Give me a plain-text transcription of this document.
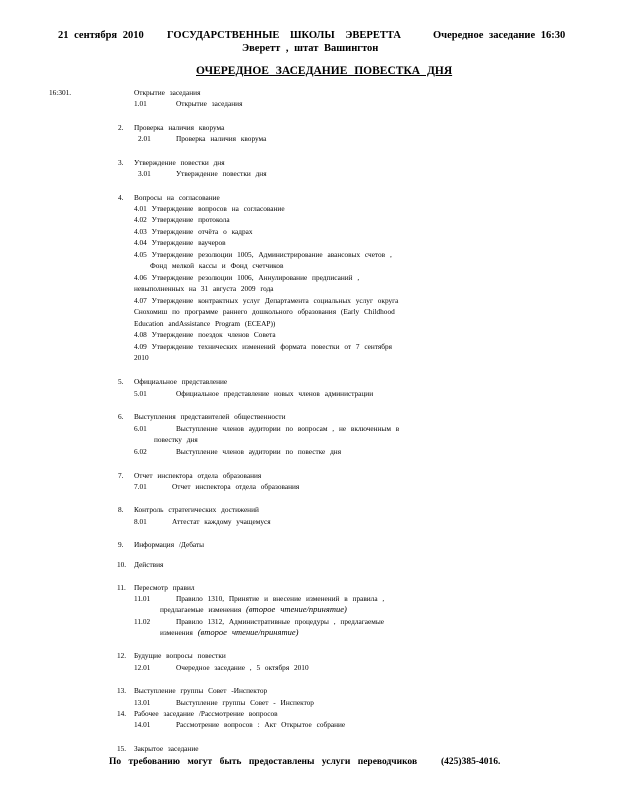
21 сентября 2010 ГОСУДАРСТВЕННЫЕ ШКОЛЫ ЭВЕРЕТТА	Очередное заседание 16:30
Эверетт , штат Вашингтон
ОЧЕРЕДНОЕ ЗАСЕДАНИЕ ПОВЕСТКА ДНЯ
16:301.	Открытие заседания
1.01	Открытие заседания
2. Проверка наличия кворума
2.01	Проверка наличия кворума
3. Утверждение повестки дня
3.01	Утверждение повестки дня
4. Вопросы на согласование
4.01 Утверждение вопросов на согласование
4.02 Утверждение протокола
4.03 Утверждение отчёта о кадрах
4.04 Утверждение ваучеров
4.05 Утверждение резолюции 1005, Администрирование авансовых счетов ,
Фонд мелкой кассы и Фонд счетчиков
4.06 Утверждение резолюции 1006, Аннулирование предписаний ,
невыполненных на 31 августа 2009 года
4.07 Утверждение контрактных услуг Департамента социальных услуг округа
Снохомиш по программе раннего дошкольного образования (Early Childhood
Education andAssistance Program (ECEAP))
4.08 Утверждение поездок членов Совета
4.09 Утверждение технических изменений формата повестки от 7 сентября
2010
5. Официальное представление
5.01	Официальное представление новых членов администрации
6. Выступления представителей общественности
6.01	Выступление членов аудитории по вопросам , не включенным в
повестку дня
6.02	Выступление членов аудитории по повестке дня
7. Отчет инспектора отдела образования
7.01	Отчет инспектора отдела образования
8. Контроль стратегических достижений
8.01	Аттестат каждому учащемуся
9. Информация /Дебаты
10. Действия
11. Пересмотр правил
11.01	Правило 1310, Принятие и внесение изменений в правила ,
предлагаемые изменения (второе чтение/принятие)
11.02	Правило 1312, Административные процедуры , предлагаемые
изменения (второе чтение/принятие)
12. Будущие вопросы повестки
12.01	Очередное заседание , 5 октября 2010
13. Выступление группы Совет -Инспектор
13.01	Выступление группы Совет - Инспектор
14. Рабочее заседание /Рассмотрение вопросов
14.01	Рассмотрение вопросов : Акт Открытое собрание
15. Закрытое заседание
По требованию могут быть предоставлены услуги переводчиков	(425)385-4016.
